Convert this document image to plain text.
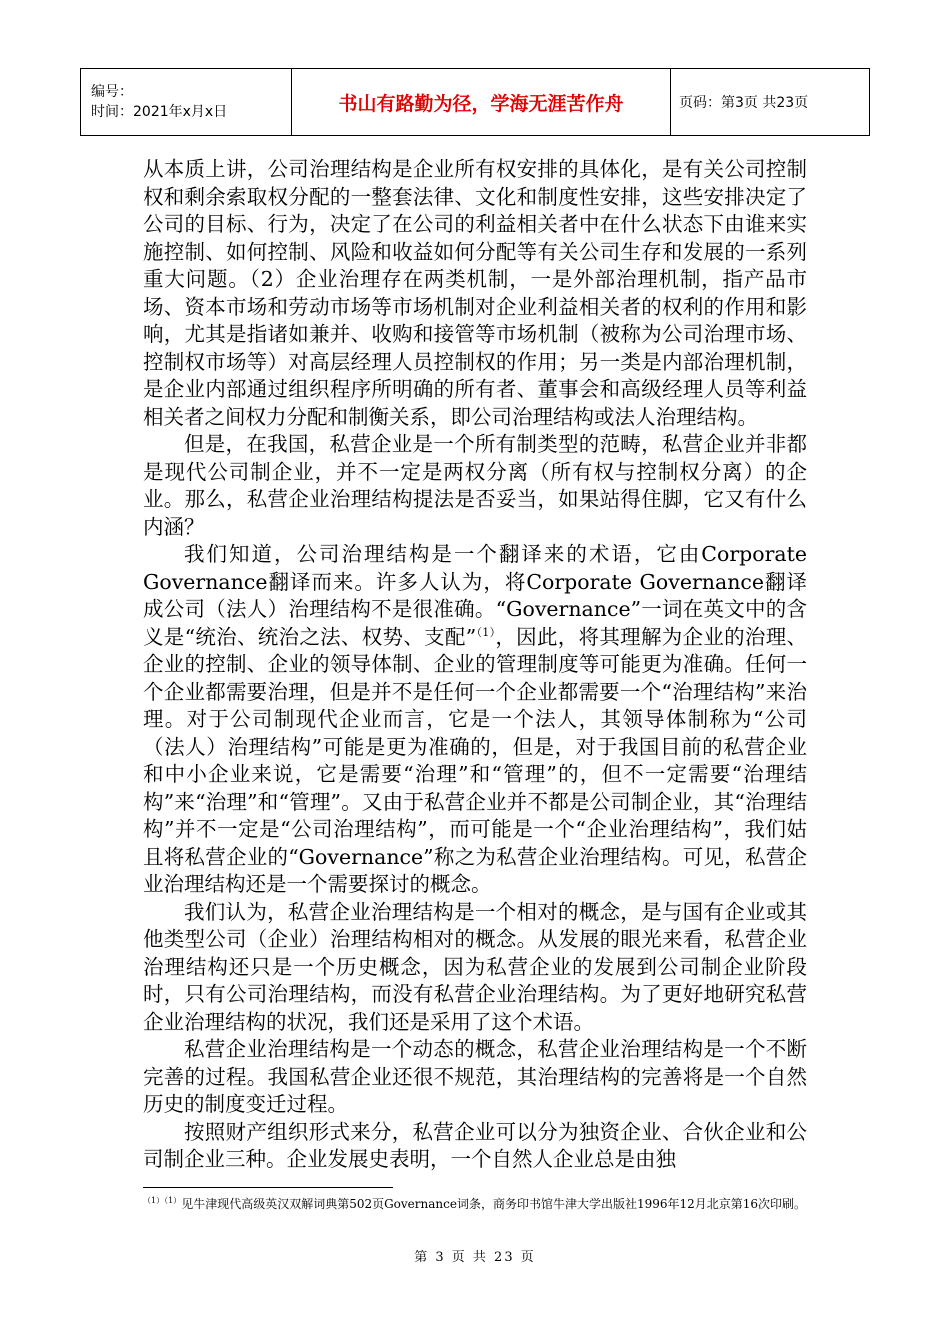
编号：
时间：2021年x月x日	书山有路勤为径，学海无涯苦作舟	页码：第3页 共23页

从本质上讲，公司治理结构是企业所有权安排的具体化，是有关公司控制权和剩余索取权分配的一整套法律、文化和制度性安排，这些安排决定了公司的目标、行为，决定了在公司的利益相关者中在什么状态下由谁来实施控制、如何控制、风险和收益如何分配等有关公司生存和发展的一系列重大问题。（2）企业治理存在两类机制，一是外部治理机制，指产品市场、资本市场和劳动市场等市场机制对企业利益相关者的权利的作用和影响，尤其是指诸如兼并、收购和接管等市场机制（被称为公司治理市场、控制权市场等）对高层经理人员控制权的作用；另一类是内部治理机制，是企业内部通过组织程序所明确的所有者、董事会和高级经理人员等利益相关者之间权力分配和制衡关系，即公司治理结构或法人治理结构。

但是，在我国，私营企业是一个所有制类型的范畴，私营企业并非都是现代公司制企业，并不一定是两权分离（所有权与控制权分离）的企业。那么，私营企业治理结构提法是否妥当，如果站得住脚，它又有什么内涵？

我们知道，公司治理结构是一个翻译来的术语，它由Corporate Governance翻译而来。许多人认为，将Corporate Governance翻译成公司（法人）治理结构不是很准确。“Governance”一词在英文中的含义是“统治、统治之法、权势、支配”$^{(1)}$，因此，将其理解为企业的治理、企业的控制、企业的领导体制、企业的管理制度等可能更为准确。任何一个企业都需要治理，但是并不是任何一个企业都需要一个“治理结构”来治理。对于公司制现代企业而言，它是一个法人，其领导体制称为“公司（法人）治理结构”可能是更为准确的，但是，对于我国目前的私营企业和中小企业来说，它是需要“治理”和“管理”的，但不一定需要“治理结构”来“治理”和“管理”。又由于私营企业并不都是公司制企业，其“治理结构”并不一定是“公司治理结构”，而可能是一个“企业治理结构”，我们姑且将私营企业的“Governance”称之为私营企业治理结构。可见，私营企业治理结构还是一个需要探讨的概念。

我们认为，私营企业治理结构是一个相对的概念，是与国有企业或其他类型公司（企业）治理结构相对的概念。从发展的眼光来看，私营企业治理结构还只是一个历史概念，因为私营企业的发展到公司制企业阶段时，只有公司治理结构，而没有私营企业治理结构。为了更好地研究私营企业治理结构的状况，我们还是采用了这个术语。

私营企业治理结构是一个动态的概念，私营企业治理结构是一个不断完善的过程。我国私营企业还很不规范，其治理结构的完善将是一个自然历史的制度变迁过程。

按照财产组织形式来分，私营企业可以分为独资企业、合伙企业和公司制企业三种。企业发展史表明，一个自然人企业总是由独

$^{(1)(1)}$见牛津现代高级英汉双解词典第502页Governance词条，商务印书馆牛津大学出版社1996年12月北京第16次印刷。
第 3 页 共 23 页
